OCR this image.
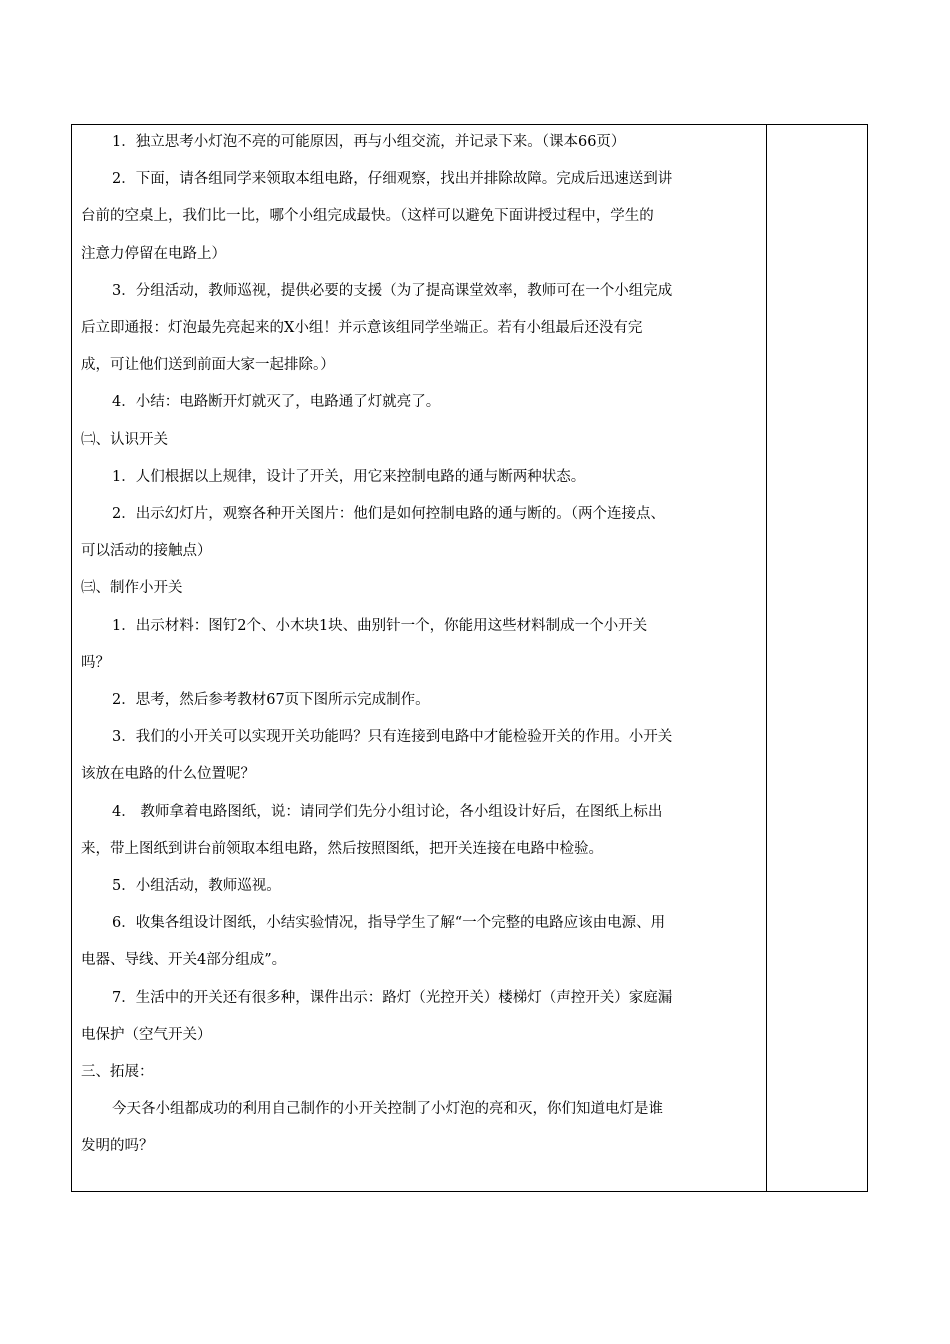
1．独立思考小灯泡不亮的可能原因，再与小组交流，并记录下来。（课本66页）

2．下面，请各组同学来领取本组电路，仔细观察，找出并排除故障。完成后迅速送到讲

台前的空桌上，我们比一比，哪个小组完成最快。（这样可以避免下面讲授过程中，学生的

注意力停留在电路上）

3．分组活动，教师巡视，提供必要的支援（为了提高课堂效率，教师可在一个小组完成

后立即通报：灯泡最先亮起来的X小组！并示意该组同学坐端正。若有小组最后还没有完

成，可让他们送到前面大家一起排除。）

4．小结：电路断开灯就灭了，电路通了灯就亮了。

㈡、认识开关

1．人们根据以上规律，设计了开关，用它来控制电路的通与断两种状态。

2．出示幻灯片，观察各种开关图片：他们是如何控制电路的通与断的。（两个连接点、

可以活动的接触点）

㈢、制作小开关

1．出示材料：图钉2个、小木块1块、曲别针一个，你能用这些材料制成一个小开关

吗？

2．思考，然后参考教材67页下图所示完成制作。

3．我们的小开关可以实现开关功能吗？只有连接到电路中才能检验开关的作用。小开关

该放在电路的什么位置呢？

4． 教师拿着电路图纸，说：请同学们先分小组讨论，各小组设计好后，在图纸上标出

来，带上图纸到讲台前领取本组电路，然后按照图纸，把开关连接在电路中检验。

5．小组活动，教师巡视。

6．收集各组设计图纸，小结实验情况，指导学生了解“一个完整的电路应该由电源、用

电器、导线、开关4部分组成”。

7．生活中的开关还有很多种，课件出示：路灯（光控开关）楼梯灯（声控开关）家庭漏

电保护（空气开关）

三、拓展：

今天各小组都成功的利用自己制作的小开关控制了小灯泡的亮和灭，你们知道电灯是谁

发明的吗？
